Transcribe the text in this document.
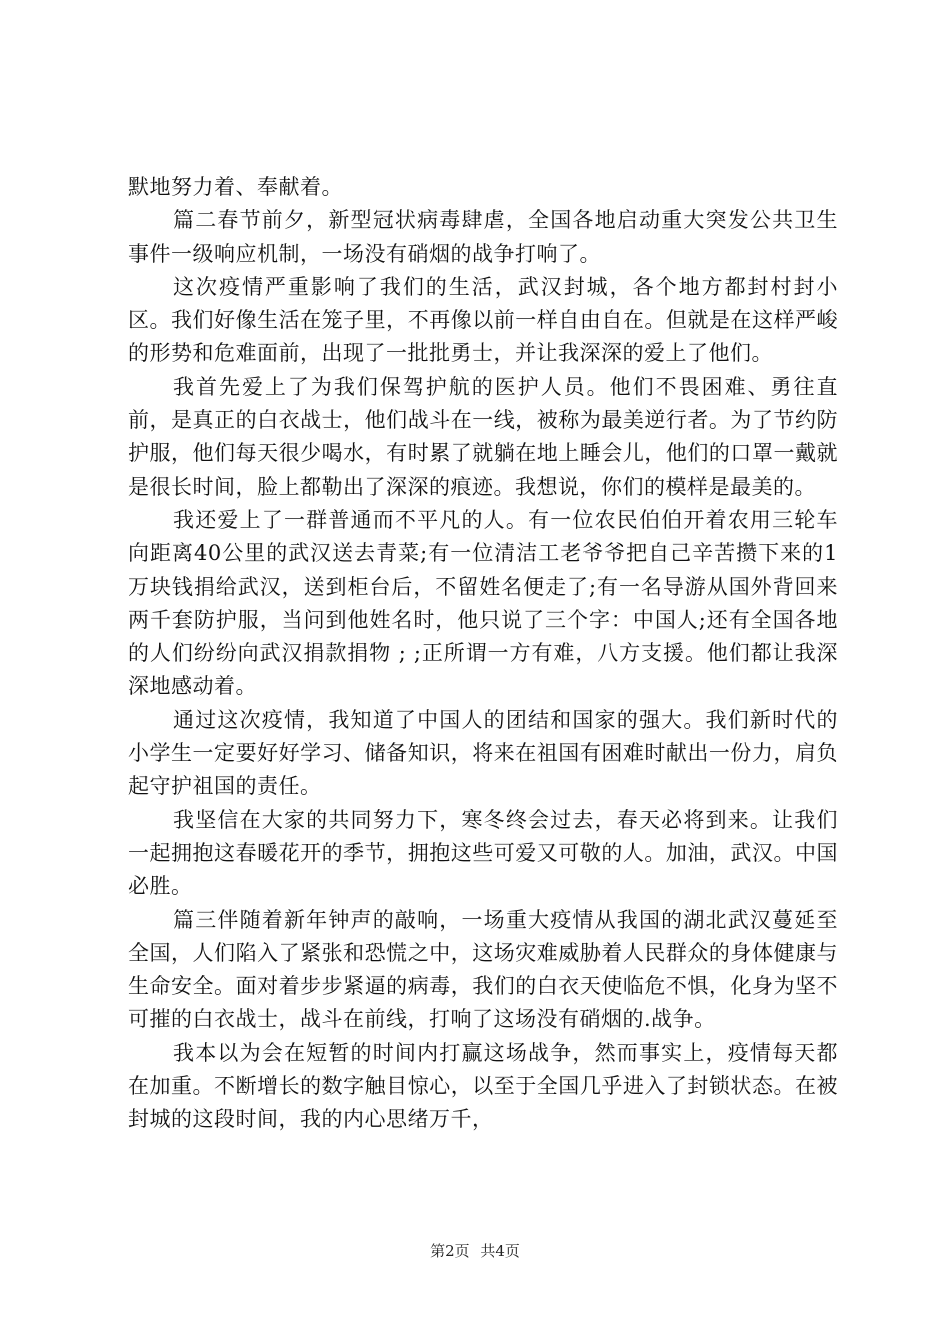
默地努力着、奉献着。

篇二春节前夕，新型冠状病毒肆虐，全国各地启动重大突发公共卫生事件一级响应机制，一场没有硝烟的战争打响了。

这次疫情严重影响了我们的生活，武汉封城，各个地方都封村封小区。我们好像生活在笼子里，不再像以前一样自由自在。但就是在这样严峻的形势和危难面前，出现了一批批勇士，并让我深深的爱上了他们。

我首先爱上了为我们保驾护航的医护人员。他们不畏困难、勇往直前，是真正的白衣战士，他们战斗在一线，被称为最美逆行者。为了节约防护服，他们每天很少喝水，有时累了就躺在地上睡会儿，他们的口罩一戴就是很长时间，脸上都勒出了深深的痕迹。我想说，你们的模样是最美的。

我还爱上了一群普通而不平凡的人。有一位农民伯伯开着农用三轮车向距离40公里的武汉送去青菜;有一位清洁工老爷爷把自己辛苦攒下来的1万块钱捐给武汉，送到柜台后，不留姓名便走了;有一名导游从国外背回来两千套防护服，当问到他姓名时，他只说了三个字：中国人;还有全国各地的人们纷纷向武汉捐款捐物 ; ;正所谓一方有难，八方支援。他们都让我深深地感动着。

通过这次疫情，我知道了中国人的团结和国家的强大。我们新时代的小学生一定要好好学习、储备知识，将来在祖国有困难时献出一份力，肩负起守护祖国的责任。

我坚信在大家的共同努力下，寒冬终会过去，春天必将到来。让我们一起拥抱这春暖花开的季节，拥抱这些可爱又可敬的人。加油，武汉。中国必胜。

篇三伴随着新年钟声的敲响，一场重大疫情从我国的湖北武汉蔓延至全国，人们陷入了紧张和恐慌之中，这场灾难威胁着人民群众的身体健康与生命安全。面对着步步紧逼的病毒，我们的白衣天使临危不惧，化身为坚不可摧的白衣战士，战斗在前线，打响了这场没有硝烟的.战争。

我本以为会在短暂的时间内打赢这场战争，然而事实上，疫情每天都在加重。不断增长的数字触目惊心，以至于全国几乎进入了封锁状态。在被封城的这段时间，我的内心思绪万千，

第2页 共4页
